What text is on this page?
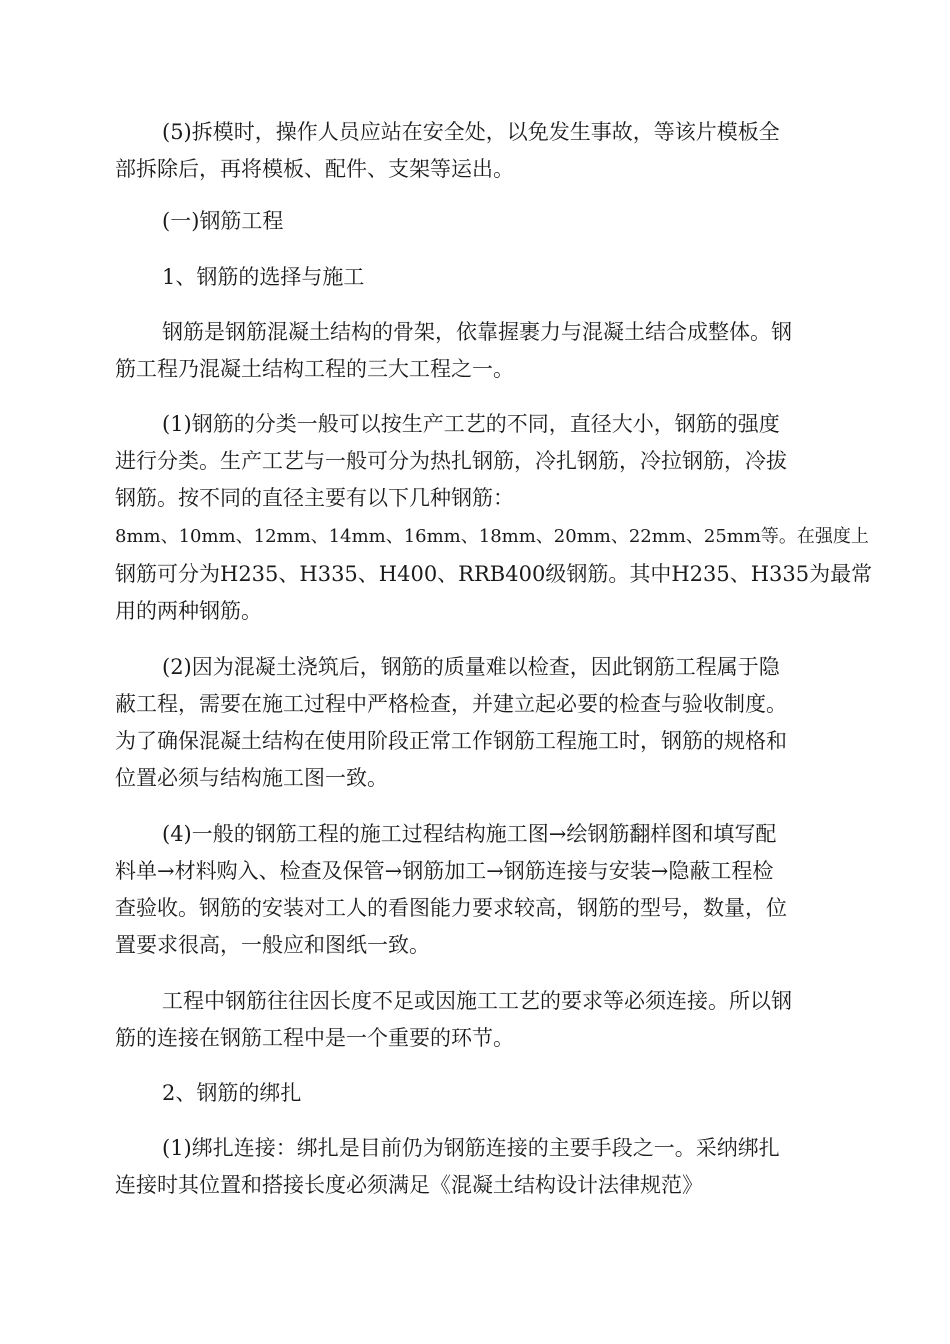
(5)拆模时，操作人员应站在安全处，以免发生事故，等该片模板全

部拆除后，再将模板、配件、支架等运出。

(一)钢筋工程

1、钢筋的选择与施工

钢筋是钢筋混凝土结构的骨架，依靠握裹力与混凝土结合成整体。钢

筋工程乃混凝土结构工程的三大工程之一。

(1)钢筋的分类一般可以按生产工艺的不同，直径大小，钢筋的强度

进行分类。生产工艺与一般可分为热扎钢筋，冷扎钢筋，冷拉钢筋，冷拔

钢筋。按不同的直径主要有以下几种钢筋：

8mm、10mm、12mm、14mm、16mm、18mm、20mm、22mm、25mm等。在强度上

钢筋可分为H235、H335、H400、RRB400级钢筋。其中H235、H335为最常

用的两种钢筋。

(2)因为混凝土浇筑后，钢筋的质量难以检查，因此钢筋工程属于隐

蔽工程，需要在施工过程中严格检查，并建立起必要的检查与验收制度。

为了确保混凝土结构在使用阶段正常工作钢筋工程施工时，钢筋的规格和

位置必须与结构施工图一致。

(4)一般的钢筋工程的施工过程结构施工图→绘钢筋翻样图和填写配

料单→材料购入、检查及保管→钢筋加工→钢筋连接与安装→隐蔽工程检

查验收。钢筋的安装对工人的看图能力要求较高，钢筋的型号，数量，位

置要求很高，一般应和图纸一致。

工程中钢筋往往因长度不足或因施工工艺的要求等必须连接。所以钢

筋的连接在钢筋工程中是一个重要的环节。

2、钢筋的绑扎

(1)绑扎连接：绑扎是目前仍为钢筋连接的主要手段之一。采纳绑扎

连接时其位置和搭接长度必须满足《混凝土结构设计法律规范》
